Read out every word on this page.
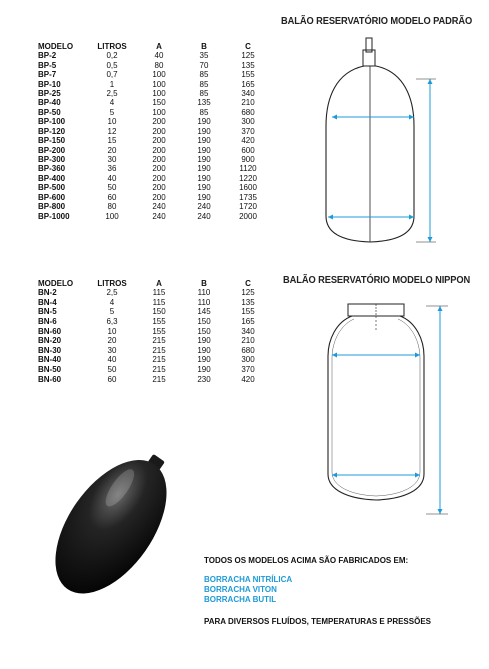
BALÃO RESERVATÓRIO MODELO PADRÃO
MODELO	LITROS	A	B	C
BP-2	0,2	40	35	125
BP-5	0,5	80	70	135
BP-7	0,7	100	85	155
BP-10	1	100	85	165
BP-25	2,5	100	85	340
BP-40	4	150	135	210
BP-50	5	100	85	680
BP-100	10	200	190	300
BP-120	12	200	190	370
BP-150	15	200	190	420
BP-200	20	200	190	600
BP-300	30	200	190	900
BP-360	36	200	190	1120
BP-400	40	200	190	1220
BP-500	50	200	190	1600
BP-600	60	200	190	1735
BP-800	80	240	240	1720
BP-1000	100	240	240	2000
BALÃO RESERVATÓRIO MODELO NIPPON
MODELO	LITROS	A	B	C
BN-2	2,5	115	110	125
BN-4	4	115	110	135
BN-5	5	150	145	155
BN-6	6,3	155	150	165
BN-60	10	155	150	340
BN-20	20	215	190	210
BN-30	30	215	190	680
BN-40	40	215	190	300
BN-50	50	215	190	370
BN-60	60	215	230	420
TODOS OS MODELOS ACIMA SÃO FABRICADOS EM:
BORRACHA NITRÍLICA
BORRACHA VITON
BORRACHA BUTIL
PARA DIVERSOS FLUÍDOS, TEMPERATURAS E PRESSÕES
